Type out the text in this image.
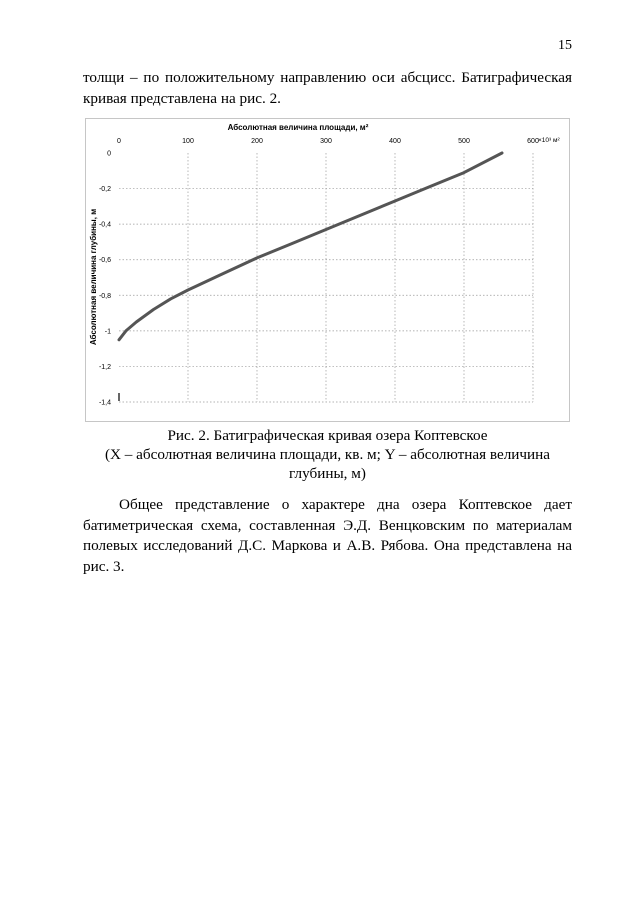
15

толщи – по положительному направлению оси абсцисс. Батиграфическая кривая представлена на рис. 2.

0	100	200	300	400	500	600
0
-0,2
-0,4
-0,6
-0,8
-1
-1,2
-1,4
Абсолютная величина площади, м²
×10³ м²
Абсолютная величина глубины, м
Рис. 2. Батиграфическая кривая озера Коптевское
(X – абсолютная величина площади, кв. м; Y – абсолютная величина
глубины, м)

Общее представление о характере дна озера Коптевское дает батиметрическая схема, составленная Э.Д. Венцковским по материалам полевых исследований Д.С. Маркова и А.В. Рябова. Она представлена на рис. 3.
